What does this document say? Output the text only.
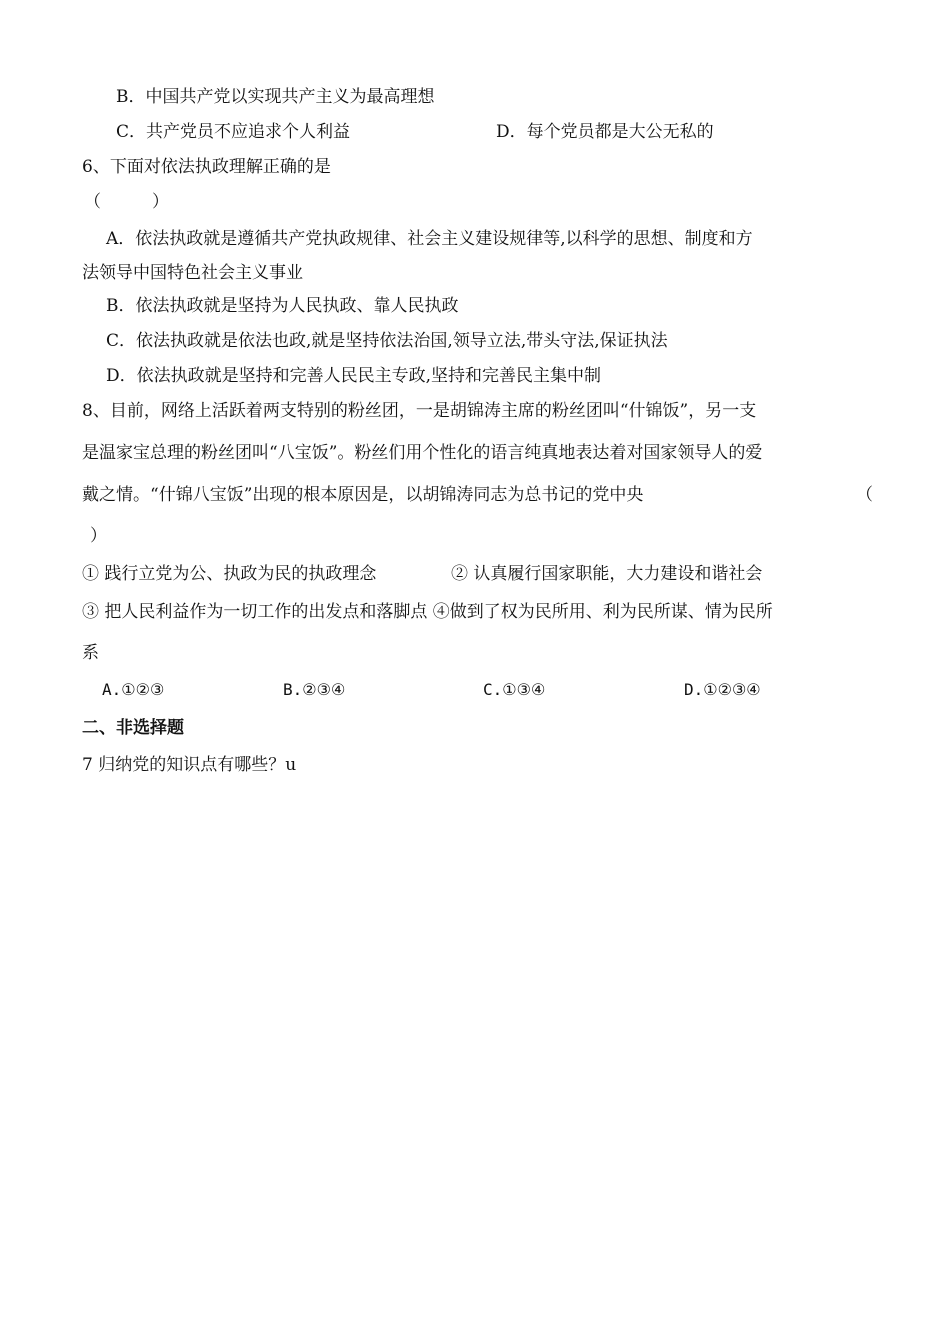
B．中国共产党以实现共产主义为最高理想
C．共产党员不应追求个人利益	D．每个党员都是大公无私的
6、下面对依法执政理解正确的是
（　　　）
A．依法执政就是遵循共产党执政规律、社会主义建设规律等,以科学的思想、制度和方
法领导中国特色社会主义事业
B．依法执政就是坚持为人民执政、靠人民执政
C．依法执政就是依法也政,就是坚持依法治国,领导立法,带头守法,保证执法
D．依法执政就是坚持和完善人民民主专政,坚持和完善民主集中制
8、目前，网络上活跃着两支特别的粉丝团，一是胡锦涛主席的粉丝团叫“什锦饭”，另一支
是温家宝总理的粉丝团叫“八宝饭”。粉丝们用个性化的语言纯真地表达着对国家领导人的爱
戴之情。“什锦八宝饭”出现的根本原因是，以胡锦涛同志为总书记的党中央	（
）
① 践行立党为公、执政为民的执政理念	② 认真履行国家职能，大力建设和谐社会
③ 把人民利益作为一切工作的出发点和落脚点 ④做到了权为民所用、利为民所谋、情为民所
系
A.①②③	B.②③④	C.①③④	D.①②③④
二、非选择题
7 归纳党的知识点有哪些？u
